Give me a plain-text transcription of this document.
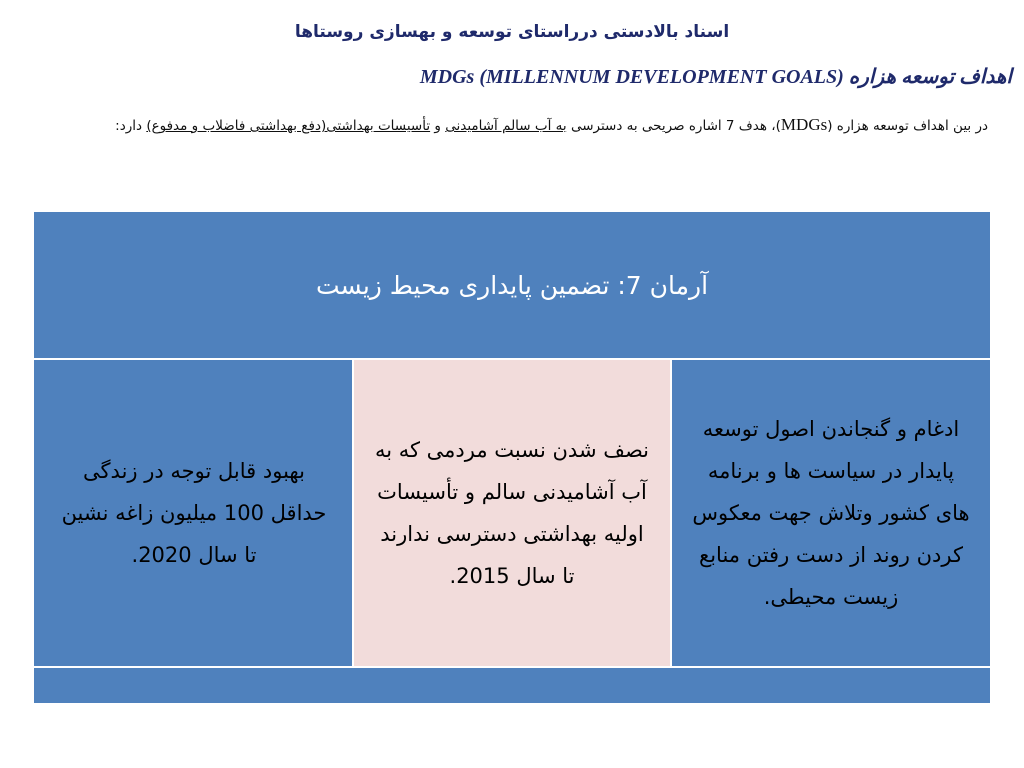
اسناد بالادستی درراستای توسعه و بهسازی روستاها
اهداف توسعه هزاره MDGs (MILLENNUM DEVELOPMENT GOALS)
در بین اهداف توسعه هزاره (MDGs)، هدف 7 اشاره صریحی به دسترسی به آب سالم آشامیدنی و تأسیسات بهداشتی(دفع بهداشتی فاضلاب و مدفوع) دارد:
آرمان 7: تضمین پایداری محیط زیست
ادغام و گنجاندن اصول توسعه پایدار در سیاست ها و برنامه های کشور وتلاش جهت معکوس کردن روند از دست رفتن منابع زیست محیطی.
نصف شدن نسبت مردمی که به آب آشامیدنی سالم و تأسیسات اولیه بهداشتی دسترسی ندارند تا سال 2015.
بهبود قابل توجه در زندگی حداقل 100 میلیون زاغه نشین تا سال 2020.
